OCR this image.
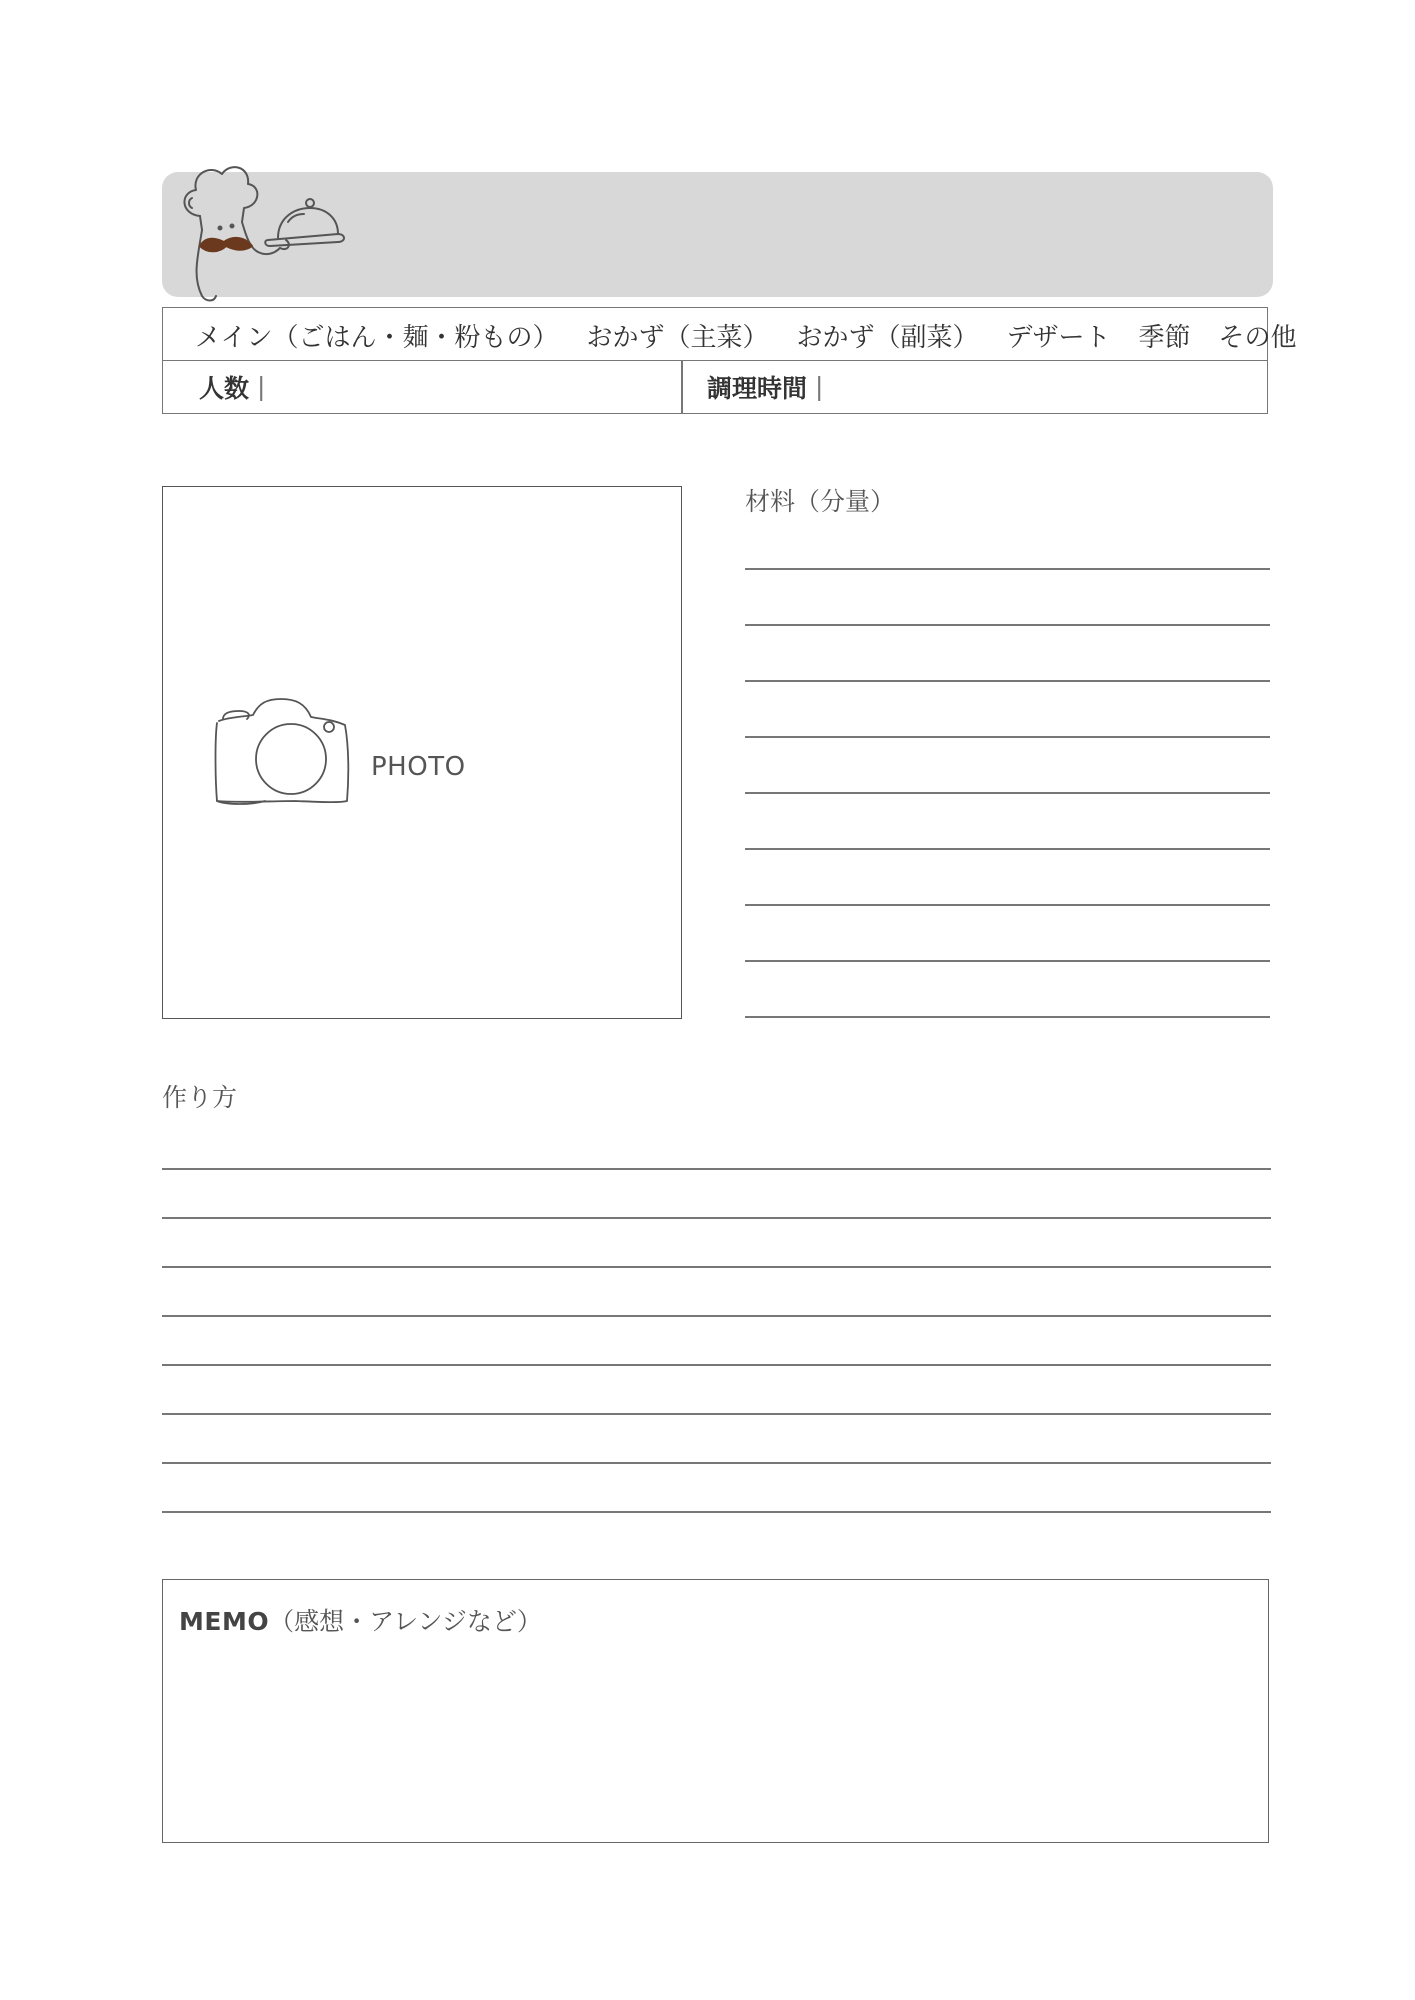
メイン（ごはん・麺・粉もの） おかず（主菜） おかず（副菜） デザート 季節 その他
人数 |	調理時間 |
PHOTO
材料（分量）
作り方
MEMO（感想・アレンジなど）
